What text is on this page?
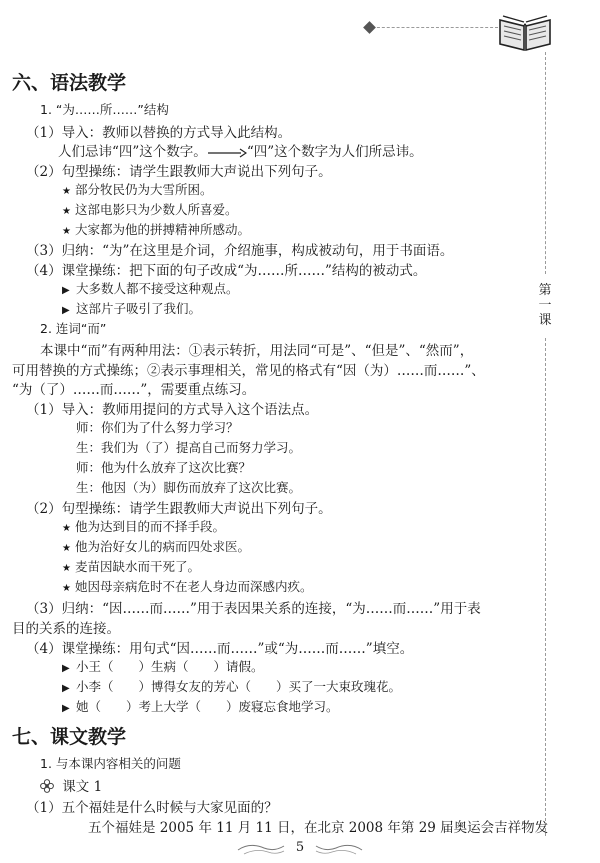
第
一
课
六、语法教学
1. “为……所……”结构
（1）导入：教师以替换的方式导入此结构。
人们忌讳“四”这个数字。	“四”这个数字为人们所忌讳。
（2）句型操练：请学生跟教师大声说出下列句子。
★ 部分牧民仍为大雪所困。
★ 这部电影只为少数人所喜爱。
★ 大家都为他的拼搏精神所感动。
（3）归纳：“为”在这里是介词，介绍施事，构成被动句，用于书面语。
（4）课堂操练：把下面的句子改成“为……所……”结构的被动式。
▶ 大多数人都不接受这种观点。
▶ 这部片子吸引了我们。
2. 连词“而”
本课中“而”有两种用法：①表示转折，用法同“可是”、“但是”、“然而”，
可用替换的方式操练；②表示事理相关，常见的格式有“因（为）……而……”、
“为（了）……而……”，需要重点练习。
（1）导入：教师用提问的方式导入这个语法点。
师：你们为了什么努力学习？
生：我们为（了）提高自己而努力学习。
师：他为什么放弃了这次比赛？
生：他因（为）脚伤而放弃了这次比赛。
（2）句型操练：请学生跟教师大声说出下列句子。
★ 他为达到目的而不择手段。
★ 他为治好女儿的病而四处求医。
★ 麦苗因缺水而干死了。
★ 她因母亲病危时不在老人身边而深感内疚。
（3）归纳：“因……而……”用于表因果关系的连接，“为……而……”用于表
目的关系的连接。
（4）课堂操练：用句式“因……而……”或“为……而……”填空。
▶ 小王（　　）生病（　　）请假。
▶ 小李（　　）博得女友的芳心（　　）买了一大束玫瑰花。
▶ 她（　　）考上大学（　　）废寝忘食地学习。
七、课文教学
1. 与本课内容相关的问题
课文 1
（1）五个福娃是什么时候与大家见面的？
五个福娃是 2005 年 11 月 11 日，在北京 2008 年第 29 届奥运会吉祥物发
5
